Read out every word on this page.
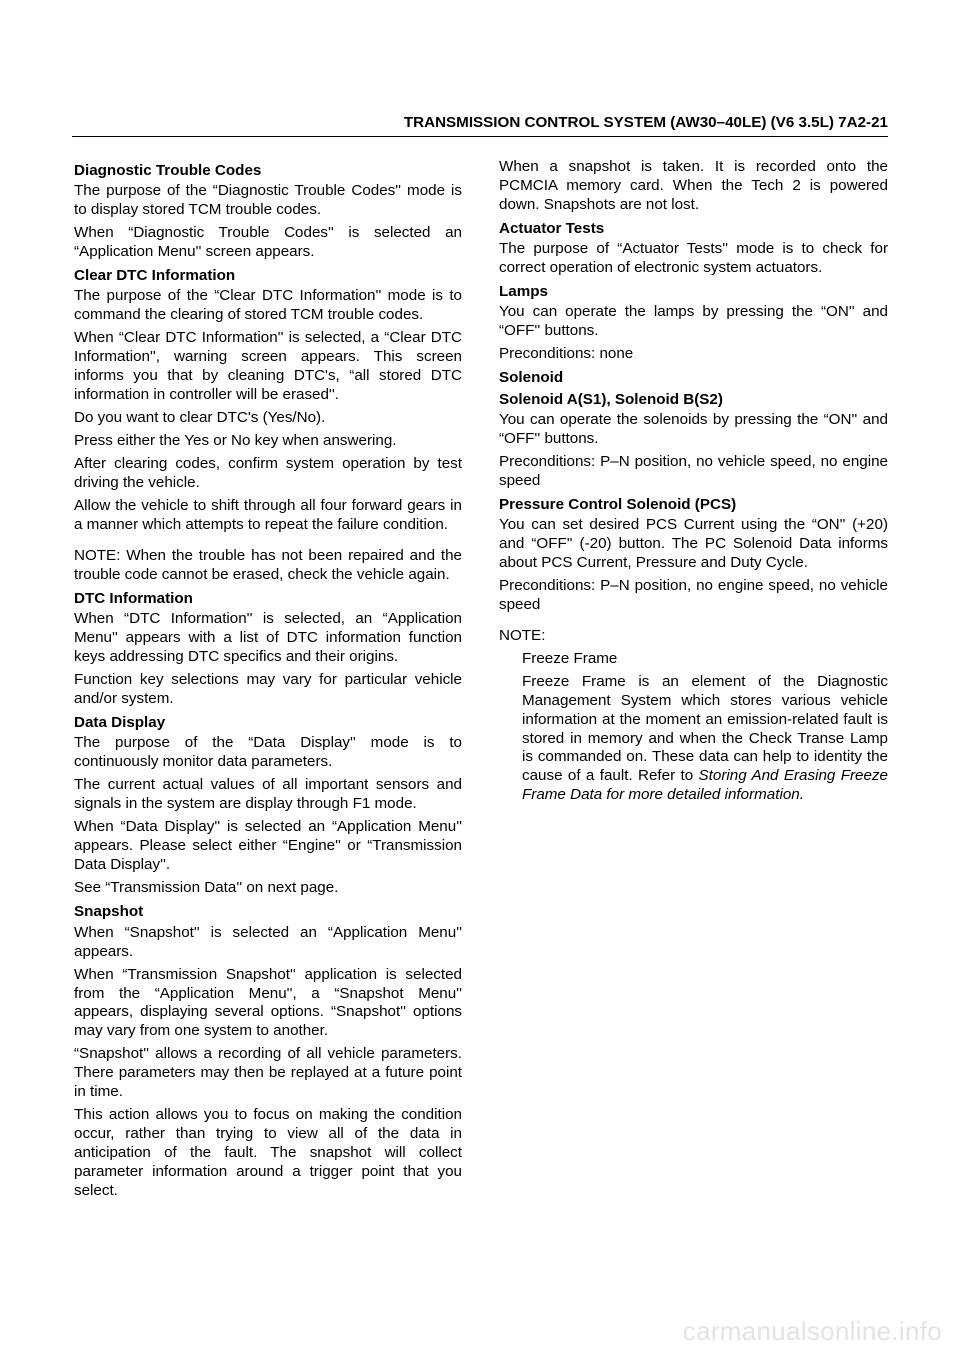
TRANSMISSION CONTROL SYSTEM (AW30–40LE) (V6 3.5L) 7A2-21
Diagnostic Trouble Codes

The purpose of the “Diagnostic Trouble Codes'' mode is to display stored TCM trouble codes.

When “Diagnostic Trouble Codes'' is selected an “Application Menu'' screen appears.

Clear DTC Information

The purpose of the “Clear DTC Information'' mode is to command the clearing of stored TCM trouble codes.

When “Clear DTC Information'' is selected, a “Clear DTC Information'', warning screen appears. This screen informs you that by cleaning DTC's, “all stored DTC information in controller will be erased''.

Do you want to clear DTC's (Yes/No).

Press either the Yes or No key when answering.

After clearing codes, confirm system operation by test driving the vehicle.

Allow the vehicle to shift through all four forward gears in a manner which attempts to repeat the failure condition.

NOTE: When the trouble has not been repaired and the trouble code cannot be erased, check the vehicle again.

DTC Information

When “DTC Information'' is selected, an “Application Menu'' appears with a list of DTC information function keys addressing DTC specifics and their origins.

Function key selections may vary for particular vehicle and/or system.

Data Display

The purpose of the “Data Display'' mode is to continuously monitor data parameters.

The current actual values of all important sensors and signals in the system are display through F1 mode.

When “Data Display'' is selected an “Application Menu'' appears. Please select either “Engine'' or “Transmission Data Display''.

See “Transmission Data'' on next page.

Snapshot

When “Snapshot'' is selected an “Application Menu'' appears.

When “Transmission Snapshot'' application is selected from the “Application Menu'', a “Snapshot Menu'' appears, displaying several options. “Snapshot'' options may vary from one system to another.

“Snapshot'' allows a recording of all vehicle parameters. There parameters may then be replayed at a future point in time.

This action allows you to focus on making the condition occur, rather than trying to view all of the data in anticipation of the fault. The snapshot will collect parameter information around a trigger point that you select.

When a snapshot is taken. It is recorded onto the PCMCIA memory card. When the Tech 2 is powered down. Snapshots are not lost.

Actuator Tests

The purpose of “Actuator Tests'' mode is to check for correct operation of electronic system actuators.

Lamps

You can operate the lamps by pressing the “ON'' and “OFF'' buttons.

Preconditions: none

Solenoid
Solenoid A(S1), Solenoid B(S2)

You can operate the solenoids by pressing the “ON'' and “OFF'' buttons.

Preconditions: P–N position, no vehicle speed, no engine speed

Pressure Control Solenoid (PCS)

You can set desired PCS Current using the “ON'' (+20) and “OFF'' (-20) button. The PC Solenoid Data informs about PCS Current, Pressure and Duty Cycle.

Preconditions: P–N position, no engine speed, no vehicle speed

NOTE:

Freeze Frame

Freeze Frame is an element of the Diagnostic Management System which stores various vehicle information at the moment an emission-related fault is stored in memory and when the Check Transe Lamp is commanded on. These data can help to identity the cause of a fault. Refer to Storing And Erasing Freeze Frame Data for more detailed information.

carmanualsonline.info
